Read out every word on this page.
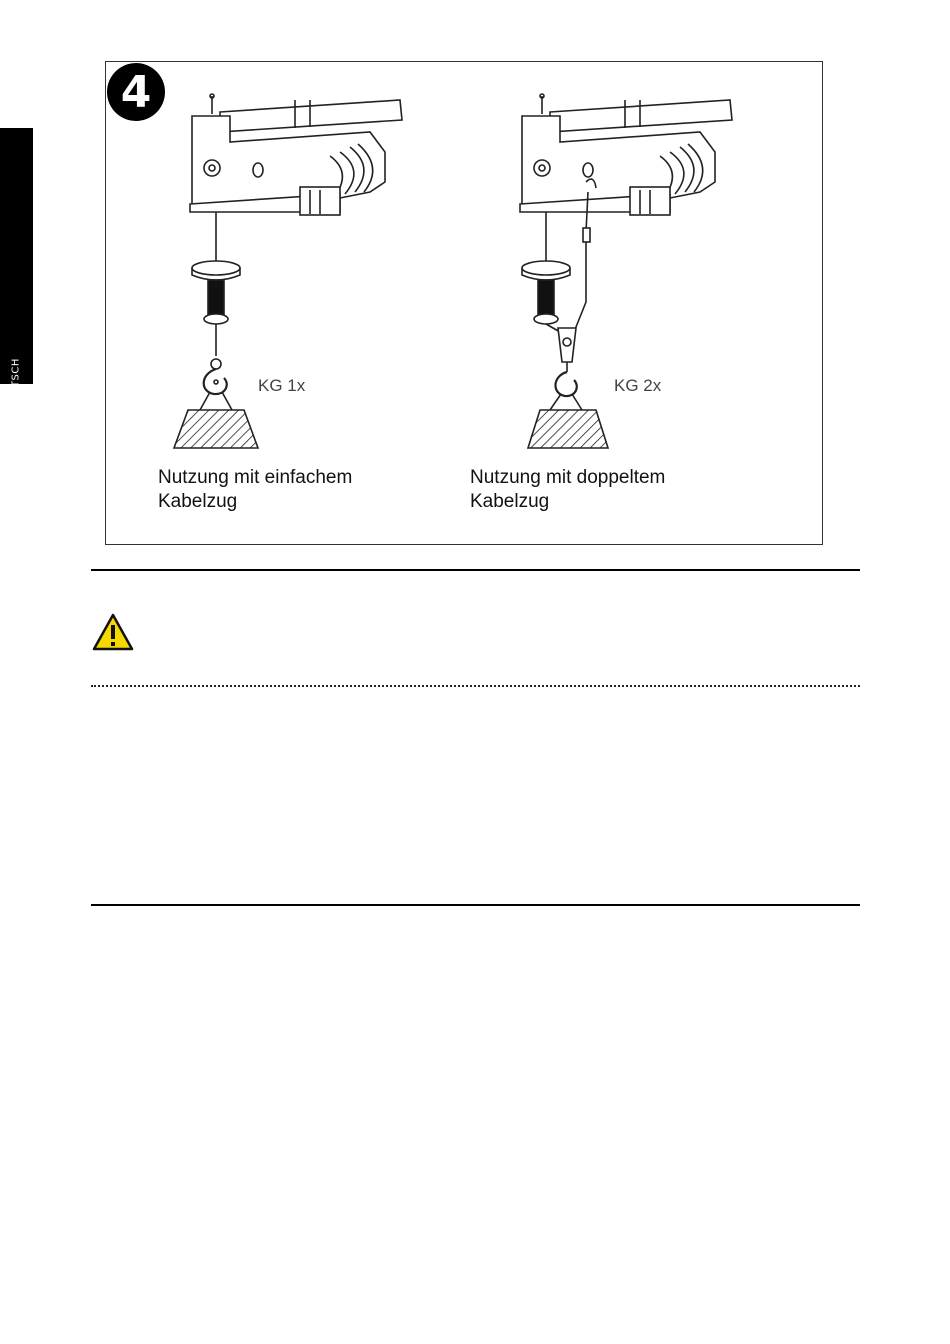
DEUTSCH
4
KG 1x	KG 2x
Nutzung mit einfachem
Kabelzug
Nutzung mit doppeltem
Kabelzug
